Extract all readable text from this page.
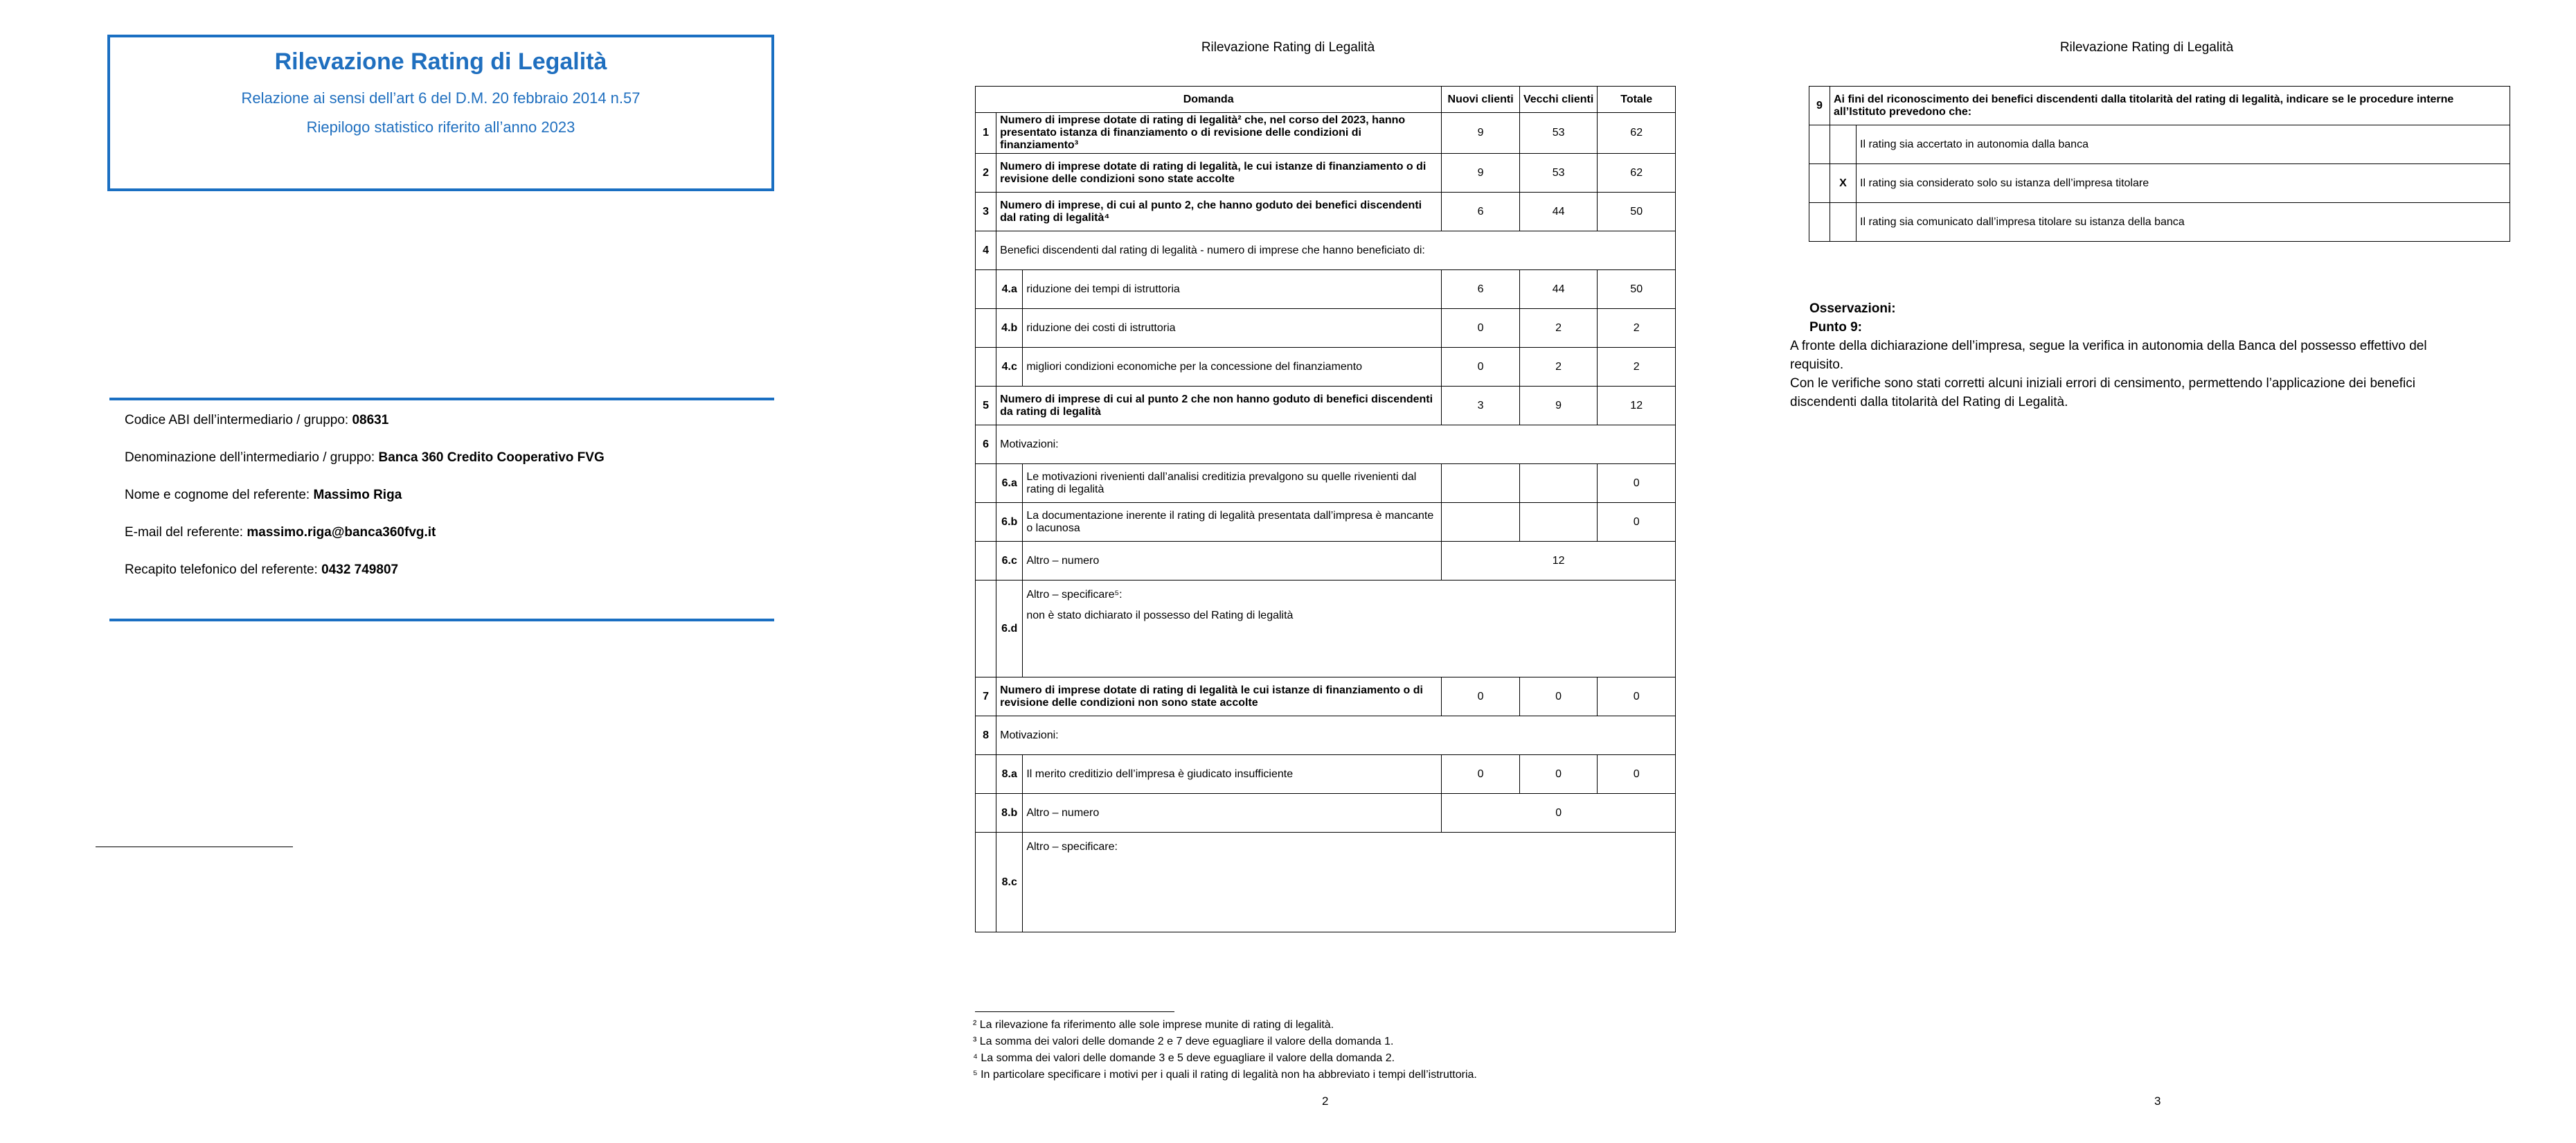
Rilevazione Rating di Legalità
Relazione ai sensi dell’art 6 del D.M. 20 febbraio 2014 n.57
Riepilogo statistico riferito all’anno 2023
Codice ABI dell’intermediario / gruppo: 08631
Denominazione dell’intermediario / gruppo: Banca 360 Credito Cooperativo FVG
Nome e cognome del referente: Massimo Riga
E-mail del referente: massimo.riga@banca360fvg.it
Recapito telefonico del referente: 0432 749807
Rilevazione Rating di Legalità
Domanda			Nuovi clienti	Vecchi clienti	Totale
1	Numero di imprese dotate di rating di legalità² che, nel corso del 2023, hanno presentato istanza di finanziamento o di revisione delle condizioni di finanziamento³		9	53	62
2	Numero di imprese dotate di rating di legalità, le cui istanze di finanziamento o di revisione delle condizioni sono state accolte		9	53	62
3	Numero di imprese, di cui al punto 2, che hanno goduto dei benefici discendenti dal rating di legalità⁴		6	44	50
4	Benefici discendenti dal rating di legalità - numero di imprese che hanno beneficiato di:				
	4.a	riduzione dei tempi di istruttoria	6	44	50
	4.b	riduzione dei costi di istruttoria	0	2	2
	4.c	migliori condizioni economiche per la concessione del finanziamento	0	2	2
5	Numero di imprese di cui al punto 2 che non hanno goduto di benefici discendenti da rating di legalità		3	9	12
6	Motivazioni:				
	6.a	Le motivazioni rivenienti dall’analisi creditizia prevalgono su quelle rivenienti dal rating di legalità			0
	6.b	La documentazione inerente il rating di legalità presentata dall’impresa è mancante o lacunosa			0
	6.c	Altro – numero	12		
	6.d	Altro – specificare⁵:
non è stato dichiarato il possesso del Rating di legalità			

7	Numero di imprese dotate di rating di legalità le cui istanze di finanziamento o di revisione delle condizioni non sono state accolte		0	0	0
8	Motivazioni:				
	8.a	Il merito creditizio dell’impresa è giudicato insufficiente	0	0	0
	8.b	Altro – numero	0		
	8.c	Altro – specificare:			
² La rilevazione fa riferimento alle sole imprese munite di rating di legalità.
³ La somma dei valori delle domande 2 e 7 deve eguagliare il valore della domanda 1.
⁴ La somma dei valori delle domande 3 e 5 deve eguagliare il valore della domanda 2.
⁵ In particolare specificare i motivi per i quali il rating di legalità non ha abbreviato i tempi dell’istruttoria.
2
Rilevazione Rating di Legalità
9	Ai fini del riconoscimento dei benefici discendenti dalla titolarità del rating di legalità, indicare se le procedure interne all’Istituto prevedono che:	
		Il rating sia accertato in autonomia dalla banca
	X	Il rating sia considerato solo su istanza dell’impresa titolare
		Il rating sia comunicato dall’impresa titolare su istanza della banca
Osservazioni:
Punto 9:
A fronte della dichiarazione dell’impresa, segue la verifica in autonomia della Banca del possesso effettivo del requisito.
Con le verifiche sono stati corretti alcuni iniziali errori di censimento, permettendo l’applicazione dei benefici discendenti dalla titolarità del Rating di Legalità.
3
